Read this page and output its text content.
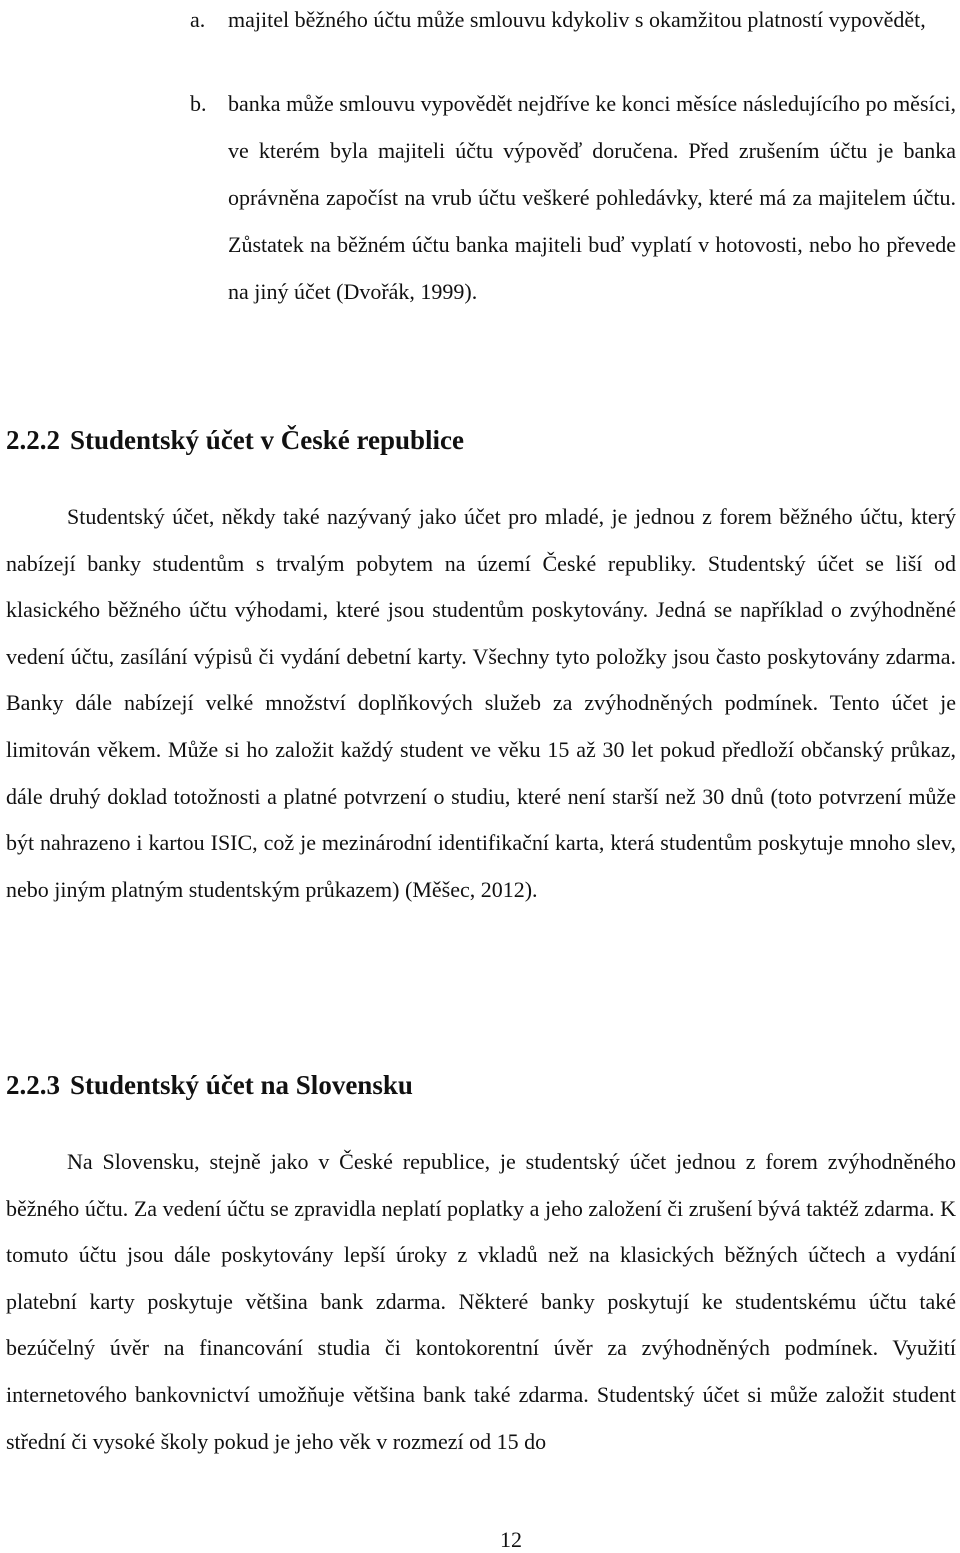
a. majitel běžného účtu může smlouvu kdykoliv s okamžitou platností vypovědět,
b. banka může smlouvu vypovědět nejdříve ke konci měsíce následujícího po měsíci, ve kterém byla majiteli účtu výpověď doručena. Před zrušením účtu je banka oprávněna započíst na vrub účtu veškeré pohledávky, které má za majitelem účtu. Zůstatek na běžném účtu banka majiteli buď vyplatí v hotovosti, nebo ho převede na jiný účet (Dvořák, 1999).
2.2.2 Studentský účet v České republice
Studentský účet, někdy také nazývaný jako účet pro mladé, je jednou z forem běžného účtu, který nabízejí banky studentům s trvalým pobytem na území České republiky. Studentský účet se liší od klasického běžného účtu výhodami, které jsou studentům poskytovány. Jedná se například o zvýhodněné vedení účtu, zasílání výpisů či vydání debetní karty. Všechny tyto položky jsou často poskytovány zdarma. Banky dále nabízejí velké množství doplňkových služeb za zvýhodněných podmínek. Tento účet je limitován věkem. Může si ho založit každý student ve věku 15 až 30 let pokud předloží občanský průkaz, dále druhý doklad totožnosti a platné potvrzení o studiu, které není starší než 30 dnů (toto potvrzení může být nahrazeno i kartou ISIC, což je mezinárodní identifikační karta, která studentům poskytuje mnoho slev, nebo jiným platným studentským průkazem) (Měšec, 2012).
2.2.3 Studentský účet na Slovensku
Na Slovensku, stejně jako v České republice, je studentský účet jednou z forem zvýhodněného běžného účtu. Za vedení účtu se zpravidla neplatí poplatky a jeho založení či zrušení bývá taktéž zdarma. K tomuto účtu jsou dále poskytovány lepší úroky z vkladů než na klasických běžných účtech a vydání platební karty poskytuje většina bank zdarma. Některé banky poskytují ke studentskému účtu také bezúčelný úvěr na financování studia či kontokorentní úvěr za zvýhodněných podmínek. Využití internetového bankovnictví umožňuje většina bank také zdarma. Studentský účet si může založit student střední či vysoké školy pokud je jeho věk v rozmezí od 15 do
12
